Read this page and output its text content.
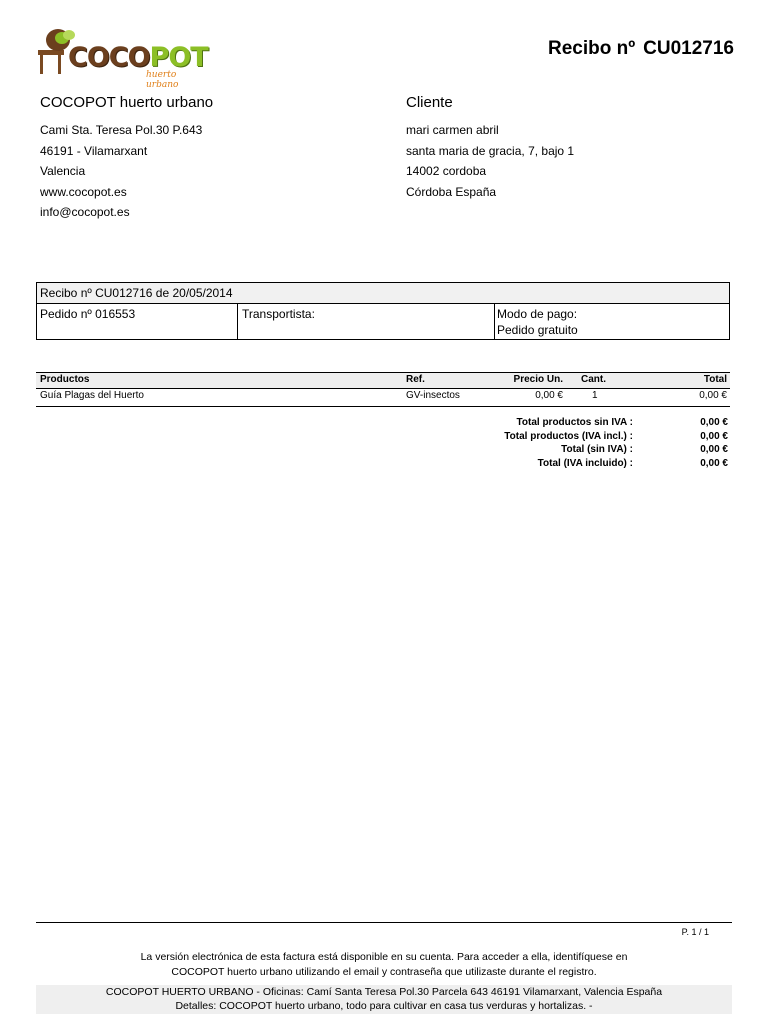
COCOPOT
huerto urbano
Recibo nº CU012716
COCOPOT huerto urbano
Cami Sta. Teresa Pol.30 P.643
46191 - Vilamarxant
Valencia
www.cocopot.es
info@cocopot.es
Cliente
mari carmen abril
santa maria de gracia, 7, bajo 1
14002 cordoba
Córdoba España
Recibo nº CU012716 de 20/05/2014
Pedido nº 016553	Transportista:	Modo de pago:
Pedido gratuito
Productos	Ref.	Precio Un. Cant.	Total
Guía Plagas del Huerto	GV-insectos	0,00 €	1	0,00 €
Total productos sin IVA :	0,00 €
Total productos (IVA incl.) :	0,00 €
Total (sin IVA) :	0,00 €
Total (IVA incluido) :	0,00 €
P. 1 / 1
La versión electrónica de esta factura está disponible en su cuenta. Para acceder a ella, identifíquese en
COCOPOT huerto urbano utilizando el email y contraseña que utilizaste durante el registro.
COCOPOT HUERTO URBANO - Oficinas: Camí Santa Teresa Pol.30 Parcela 643 46191 Vilamarxant, Valencia España
Detalles: COCOPOT huerto urbano, todo para cultivar en casa tus verduras y hortalizas. -
